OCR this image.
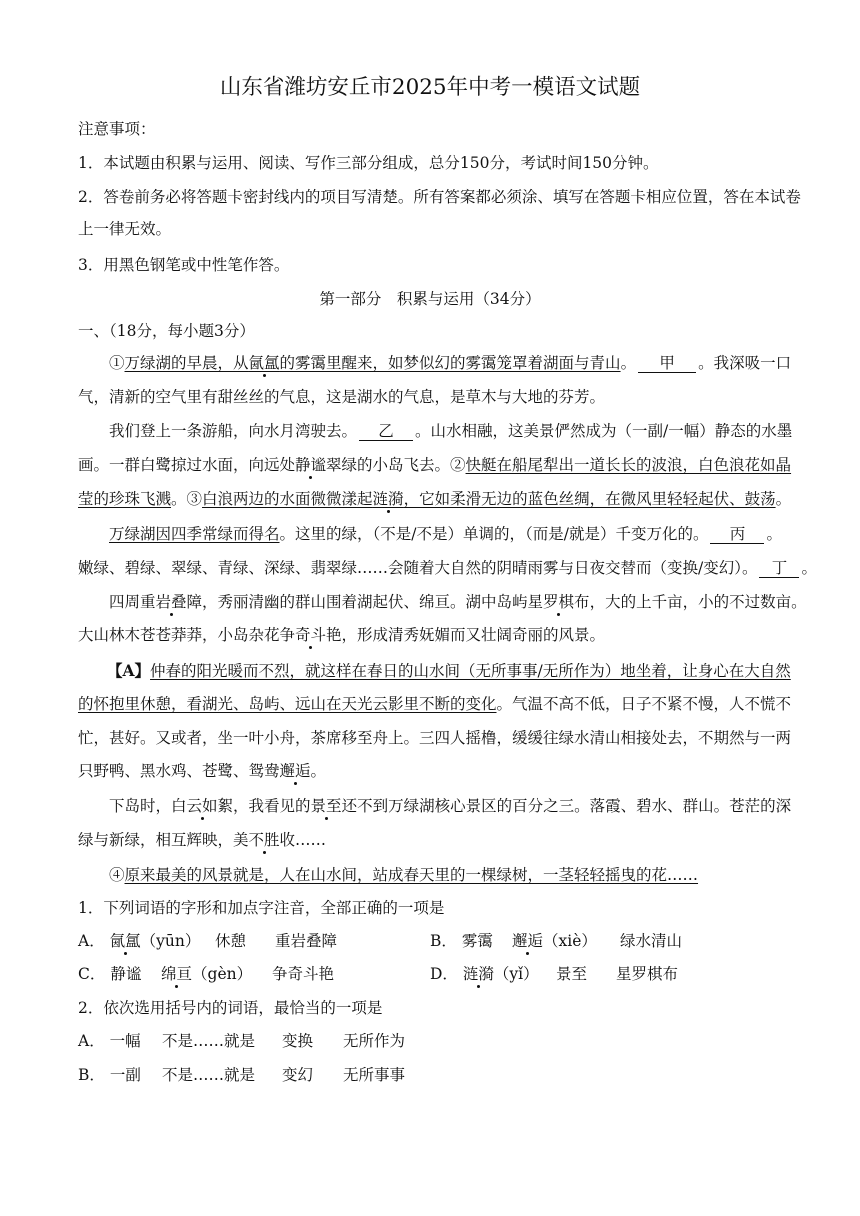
山东省潍坊安丘市2025年中考一模语文试题
注意事项：
1．本试题由积累与运用、阅读、写作三部分组成，总分150分，考试时间150分钟。
2．答卷前务必将答题卡密封线内的项目写清楚。所有答案都必须涂、填写在答题卡相应位置，答在本试卷
上一律无效。
3．用黑色钢笔或中性笔作答。
第一部分　积累与运用（34分）
一、（18分，每小题3分）
①万绿湖的早晨，从氤氲的雾霭里醒来，如梦似幻的雾霭笼罩着湖面与青山。 甲 。我深吸一口
气，清新的空气里有甜丝丝的气息，这是湖水的气息，是草木与大地的芬芳。
我们登上一条游船，向水月湾驶去。 乙 。山水相融，这美景俨然成为（一副/一幅）静态的水墨
画。一群白鹭掠过水面，向远处静谧翠绿的小岛飞去。②快艇在船尾犁出一道长长的波浪，白色浪花如晶
莹的珍珠飞溅。③白浪两边的水面微微漾起涟漪，它如柔滑无边的蓝色丝绸，在微风里轻轻起伏、鼓荡。
万绿湖因四季常绿而得名。这里的绿，（不是/不是）单调的，（而是/就是）千变万化的。 丙 。
嫩绿、碧绿、翠绿、青绿、深绿、翡翠绿……会随着大自然的阴晴雨雾与日夜交替而（变换/变幻）。 丁 。
四周重岩叠障，秀丽清幽的群山围着湖起伏、绵亘。湖中岛屿星罗棋布，大的上千亩，小的不过数亩。
大山林木苍苍莽莽，小岛杂花争奇斗艳，形成清秀妩媚而又壮阔奇丽的风景。
【A】仲春的阳光暖而不烈，就这样在春日的山水间（无所事事/无所作为）地坐着，让身心在大自然
的怀抱里休憩，看湖光、岛屿、远山在天光云影里不断的变化。气温不高不低，日子不紧不慢，人不慌不
忙，甚好。又或者，坐一叶小舟，茶席移至舟上。三四人摇橹，缓缓往绿水清山相接处去，不期然与一两
只野鸭、黑水鸡、苍鹭、鸳鸯邂逅。
下岛时，白云如絮，我看见的景至还不到万绿湖核心景区的百分之三。落霞、碧水、群山。苍茫的深
绿与新绿，相互辉映，美不胜收……
④原来最美的风景就是，人在山水间，站成春天里的一棵绿树，一茎轻轻摇曳的花……
1．下列词语的字形和加点字注音，全部正确的一项是
A． 氤氲（yūn） 休憩 重岩叠障	B． 雾霭 邂逅（xiè） 绿水清山
C． 静谧 绵亘（gèn） 争奇斗艳	D． 涟漪（yǐ） 景至 星罗棋布
2．依次选用括号内的词语，最恰当的一项是
A． 一幅 不是……就是 变换 无所作为
B． 一副 不是……就是 变幻 无所事事
